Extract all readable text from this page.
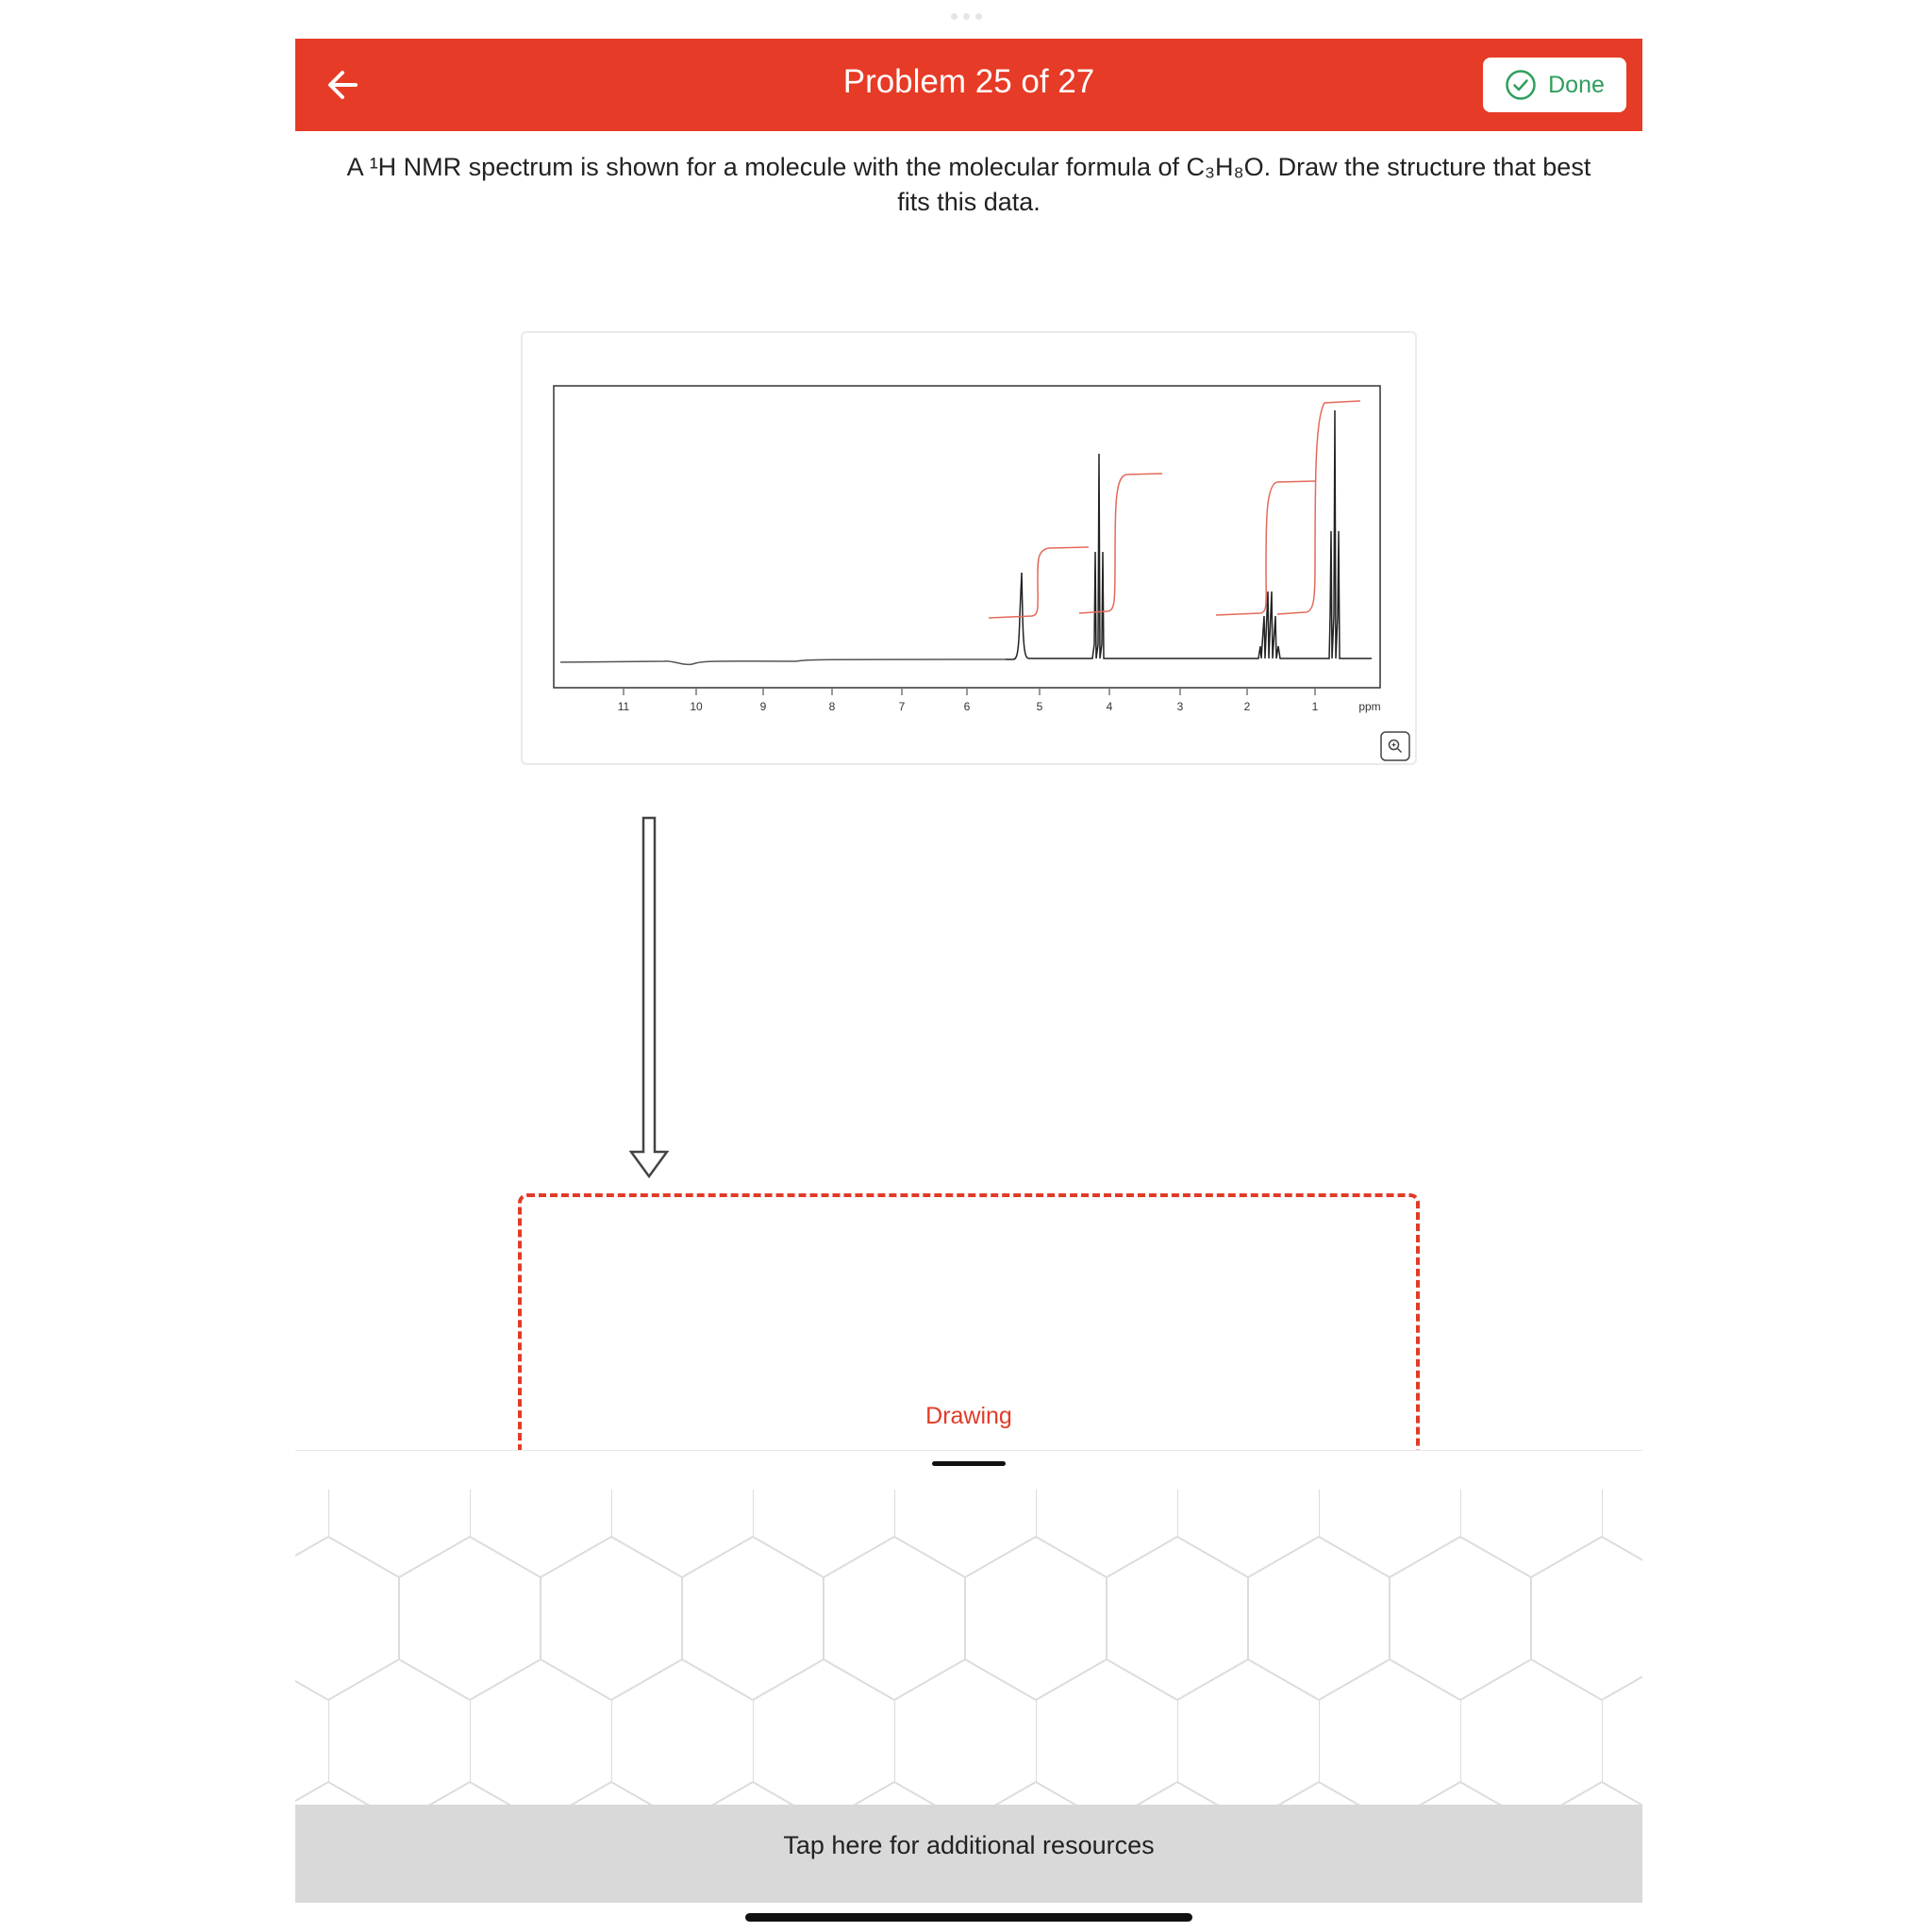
Problem 25 of 27	Done
A ¹H NMR spectrum is shown for a molecule with the molecular formula of C₃H₈O. Draw the structure that best fits this data.
11	10	9	8	7	6	5	4	3	2	1	ppm
Drawing
Tap here for additional resources
